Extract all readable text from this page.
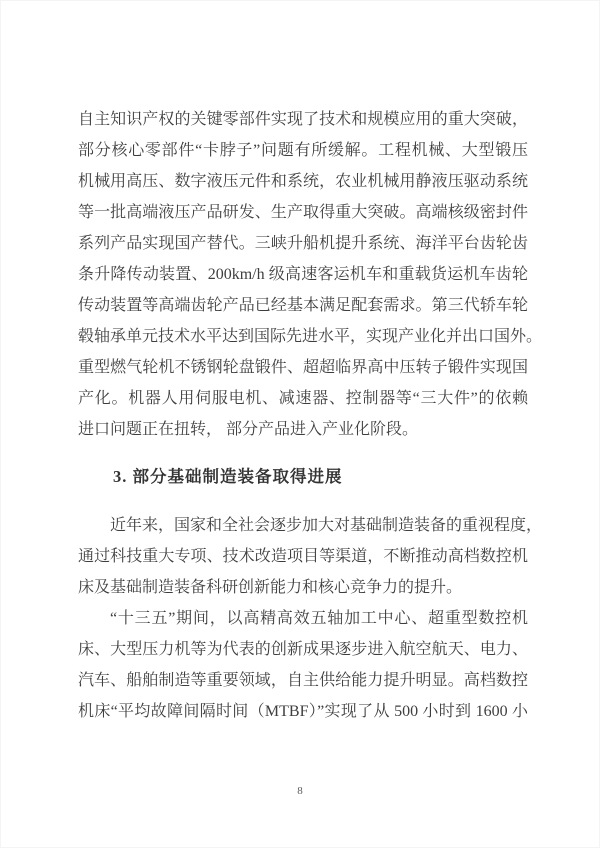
自主知识产权的关键零部件实现了技术和规模应用的重大突破，
部分核心零部件“卡脖子”问题有所缓解。工程机械、大型锻压
机械用高压、数字液压元件和系统，农业机械用静液压驱动系统
等一批高端液压产品研发、生产取得重大突破。高端核级密封件
系列产品实现国产替代。三峡升船机提升系统、海洋平台齿轮齿
条升降传动装置、200km/h 级高速客运机车和重载货运机车齿轮
传动装置等高端齿轮产品已经基本满足配套需求。第三代轿车轮
毂轴承单元技术水平达到国际先进水平，实现产业化并出口国外。
重型燃气轮机不锈钢轮盘锻件、超超临界高中压转子锻件实现国
产化。机器人用伺服电机、减速器、控制器等“三大件”的依赖
进口问题正在扭转， 部分产品进入产业化阶段。
3. 部分基础制造装备取得进展
近年来，国家和全社会逐步加大对基础制造装备的重视程度，
通过科技重大专项、技术改造项目等渠道，不断推动高档数控机
床及基础制造装备科研创新能力和核心竞争力的提升。
“十三五”期间，以高精高效五轴加工中心、超重型数控机
床、大型压力机等为代表的创新成果逐步进入航空航天、电力、
汽车、船舶制造等重要领域，自主供给能力提升明显。高档数控
机床“平均故障间隔时间（MTBF）”实现了从 500 小时到 1600 小
8
